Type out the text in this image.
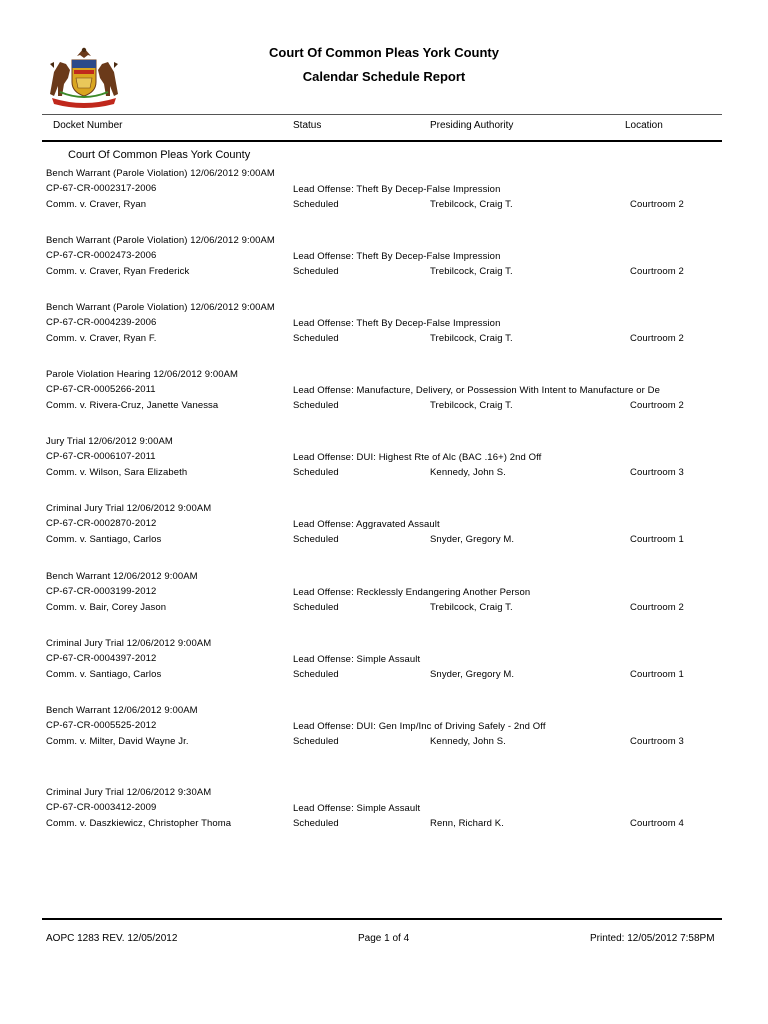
Court Of Common Pleas York County
Calendar Schedule Report
Docket Number	Status	Presiding Authority	Location
Court Of Common Pleas York County
Bench Warrant (Parole Violation) 12/06/2012 9:00AM
CP-67-CR-0002317-2006
Comm. v. Craver, Ryan
Lead Offense: Theft By Decep-False Impression
Scheduled	Trebilcock, Craig T.	Courtroom 2
Bench Warrant (Parole Violation) 12/06/2012 9:00AM
CP-67-CR-0002473-2006
Comm. v. Craver, Ryan Frederick
Lead Offense: Theft By Decep-False Impression
Scheduled	Trebilcock, Craig T.	Courtroom 2
Bench Warrant (Parole Violation) 12/06/2012 9:00AM
CP-67-CR-0004239-2006
Comm. v. Craver, Ryan F.
Lead Offense: Theft By Decep-False Impression
Scheduled	Trebilcock, Craig T.	Courtroom 2
Parole Violation Hearing 12/06/2012 9:00AM
CP-67-CR-0005266-2011
Comm. v. Rivera-Cruz, Janette Vanessa
Lead Offense: Manufacture, Delivery, or Possession With Intent to Manufacture or De
Scheduled	Trebilcock, Craig T.	Courtroom 2
Jury Trial 12/06/2012 9:00AM
CP-67-CR-0006107-2011
Comm. v. Wilson, Sara Elizabeth
Lead Offense: DUI: Highest Rte of Alc (BAC .16+) 2nd Off
Scheduled	Kennedy, John S.	Courtroom 3
Criminal Jury Trial 12/06/2012 9:00AM
CP-67-CR-0002870-2012
Comm. v. Santiago, Carlos
Lead Offense: Aggravated Assault
Scheduled	Snyder, Gregory M.	Courtroom 1
Bench Warrant 12/06/2012 9:00AM
CP-67-CR-0003199-2012
Comm. v. Bair, Corey Jason
Lead Offense: Recklessly Endangering Another Person
Scheduled	Trebilcock, Craig T.	Courtroom 2
Criminal Jury Trial 12/06/2012 9:00AM
CP-67-CR-0004397-2012
Comm. v. Santiago, Carlos
Lead Offense: Simple Assault
Scheduled	Snyder, Gregory M.	Courtroom 1
Bench Warrant 12/06/2012 9:00AM
CP-67-CR-0005525-2012
Comm. v. Milter, David Wayne Jr.
Lead Offense: DUI: Gen Imp/Inc of Driving Safely - 2nd Off
Scheduled	Kennedy, John S.	Courtroom 3
Criminal Jury Trial 12/06/2012 9:30AM
CP-67-CR-0003412-2009
Comm. v. Daszkiewicz, Christopher Thoma
Lead Offense: Simple Assault
Scheduled	Renn, Richard K.	Courtroom 4
AOPC 1283 REV. 12/05/2012	Page 1 of 4	Printed: 12/05/2012 7:58PM
